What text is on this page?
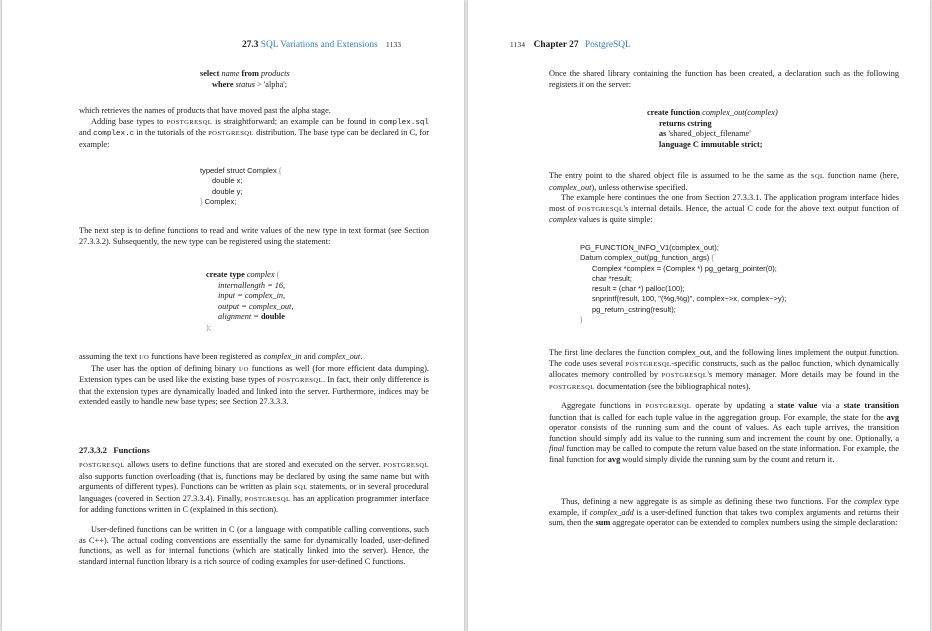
27.3 SQL Variations and Extensions 1133
select name from products
where status > 'alpha';

which retrieves the names of products that have moved past the alpha stage.
Adding base types to POSTGRESQL is straightforward; an example can be found in complex.sql and complex.c in the tutorials of the POSTGRESQL distribution. The base type can be declared in C, for example:

typedef struct Complex {
double x;
double y;
} Complex;

The next step is to define functions to read and write values of the new type in text format (see Section 27.3.3.2). Subsequently, the new type can be registered using the statement:

create type complex (
internallength = 16,
input = complex_in,
output = complex_out,
alignment = double
);

assuming the text I/O functions have been registered as complex_in and complex_out.
The user has the option of defining binary I/O functions as well (for more efficient data dumping). Extension types can be used like the existing base types of POSTGRESQL. In fact, their only difference is that the extension types are dynamically loaded and linked into the server. Furthermore, indices may be extended easily to handle new base types; see Section 27.3.3.3.

27.3.3.2 Functions

POSTGRESQL allows users to define functions that are stored and executed on the server. POSTGRESQL also supports function overloading (that is, functions may be declared by using the same name but with arguments of different types). Functions can be written as plain SQL statements, or in several procedural languages (covered in Section 27.3.3.4). Finally, POSTGRESQL has an application programmer interface for adding functions written in C (explained in this section).

User-defined functions can be written in C (or a language with compatible calling conventions, such as C++). The actual coding conventions are essentially the same for dynamically loaded, user-defined functions, as well as for internal functions (which are statically linked into the server). Hence, the standard internal function library is a rich source of coding examples for user-defined C functions.

1134 Chapter 27 PostgreSQL

Once the shared library containing the function has been created, a declaration such as the following registers it on the server:

create function complex_out(complex)
returns cstring
as 'shared_object_filename'
language C immutable strict;

The entry point to the shared object file is assumed to be the same as the SQL function name (here, complex_out), unless otherwise specified.
The example here continues the one from Section 27.3.3.1. The application program interface hides most of POSTGRESQL's internal details. Hence, the actual C code for the above text output function of complex values is quite simple:

PG_FUNCTION_INFO_V1(complex_out);
Datum complex_out(pg_function_args) {
Complex *complex = (Complex *) pg_getarg_pointer(0);
char *result;
result = (char *) palloc(100);
snprintf(result, 100, "(%g,%g)", complex−>x, complex−>y);
pg_return_cstring(result);
}

The first line declares the function complex_out, and the following lines implement the output function. The code uses several POSTGRESQL-specific constructs, such as the palloc function, which dynamically allocates memory controlled by POSTGRESQL's memory manager. More details may be found in the POSTGRESQL documentation (see the bibliographical notes).

Aggregate functions in POSTGRESQL operate by updating a state value via a state transition function that is called for each tuple value in the aggregation group. For example, the state for the avg operator consists of the running sum and the count of values. As each tuple arrives, the transition function should simply add its value to the running sum and increment the count by one. Optionally, a final function may be called to compute the return value based on the state information. For example, the final function for avg would simply divide the running sum by the count and return it.

Thus, defining a new aggregate is as simple as defining these two functions. For the complex type example, if complex_add is a user-defined function that takes two complex arguments and returns their sum, then the sum aggregate operator can be extended to complex numbers using the simple declaration:
